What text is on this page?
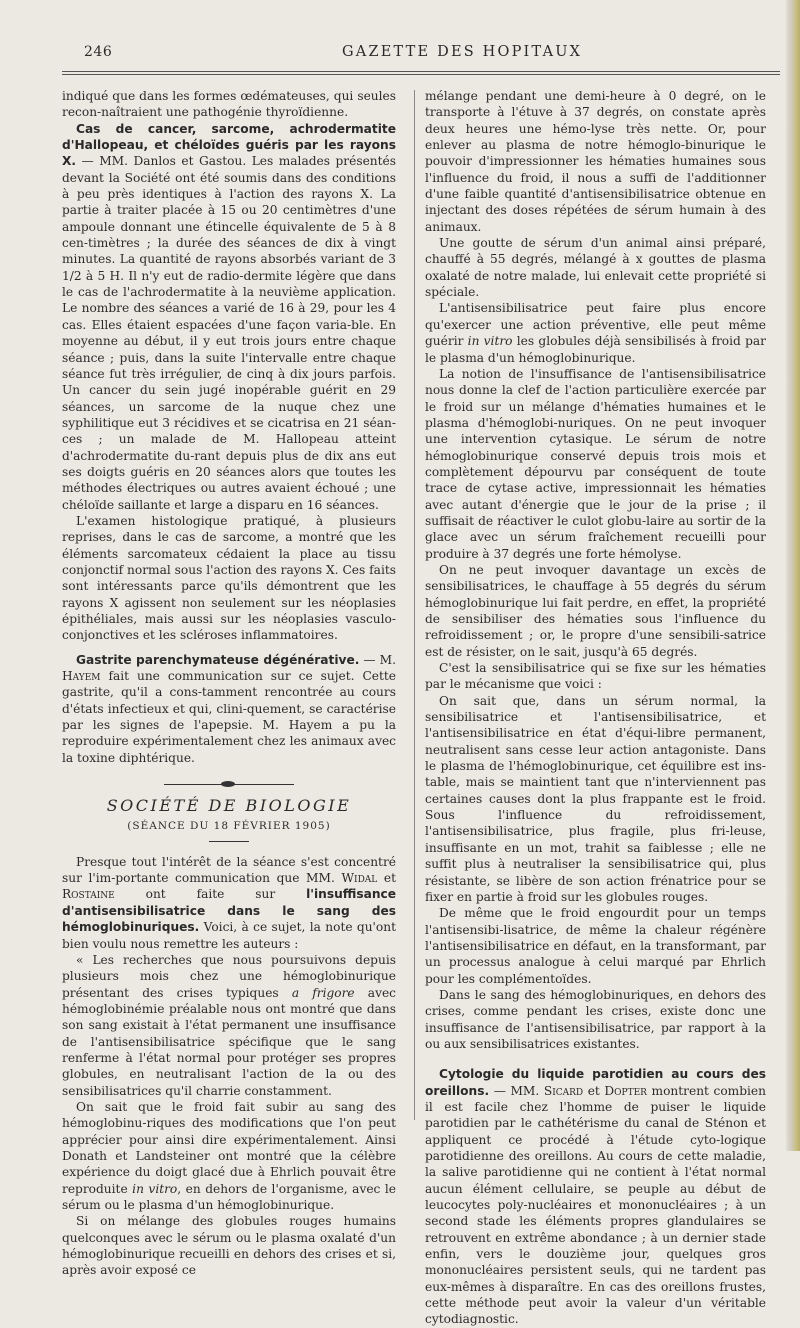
246	GAZETTE DES HOPITAUX

indiqué que dans les formes œdémateuses, qui seules recon-naîtraient une pathogénie thyroïdienne.

Cas de cancer, sarcome, achrodermatite d'Hallopeau, et chéloïdes guéris par les rayons X. — MM. Danlos et Gastou. Les malades présentés devant la Société ont été soumis dans des conditions à peu près identiques à l'action des rayons X. La partie à traiter placée à 15 ou 20 centimètres d'une ampoule donnant une étincelle équivalente de 5 à 8 cen-timètres ; la durée des séances de dix à vingt minutes. La quantité de rayons absorbés variant de 3 1/2 à 5 H. Il n'y eut de radio-dermite légère que dans le cas de l'achrodermatite à la neuvième application. Le nombre des séances a varié de 16 à 29, pour les 4 cas. Elles étaient espacées d'une façon varia-ble. En moyenne au début, il y eut trois jours entre chaque séance ; puis, dans la suite l'intervalle entre chaque séance fut très irrégulier, de cinq à dix jours parfois. Un cancer du sein jugé inopérable guérit en 29 séances, un sarcome de la nuque chez une syphilitique eut 3 récidives et se cicatrisa en 21 séan-ces ; un malade de M. Hallopeau atteint d'achrodermatite du-rant depuis plus de dix ans eut ses doigts guéris en 20 séances alors que toutes les méthodes électriques ou autres avaient échoué ; une chéloïde saillante et large a disparu en 16 séances.

L'examen histologique pratiqué, à plusieurs reprises, dans le cas de sarcome, a montré que les éléments sarcomateux cédaient la place au tissu conjonctif normal sous l'action des rayons X. Ces faits sont intéressants parce qu'ils démontrent que les rayons X agissent non seulement sur les néoplasies épithéliales, mais aussi sur les néoplasies vasculo-conjonctives et les scléroses inflammatoires.

Gastrite parenchymateuse dégénérative. — M. Hayem fait une communication sur ce sujet. Cette gastrite, qu'il a cons-tamment rencontrée au cours d'états infectieux et qui, clini-quement, se caractérise par les signes de l'apepsie. M. Hayem a pu la reproduire expérimentalement chez les animaux avec la toxine diphtérique.

SOCIÉTÉ DE BIOLOGIE
(SÉANCE DU 18 FÉVRIER 1905)

Presque tout l'intérêt de la séance s'est concentré sur l'im-portante communication que MM. Widal et Rostaine ont faite sur l'insuffisance d'antisensibilisatrice dans le sang des hémoglobinuriques. Voici, à ce sujet, la note qu'ont bien voulu nous remettre les auteurs :

« Les recherches que nous poursuivons depuis plusieurs mois chez une hémoglobinurique présentant des crises typiques a frigore avec hémoglobinémie préalable nous ont montré que dans son sang existait à l'état permanent une insuffisance de l'antisensibilisatrice spécifique que le sang renferme à l'état normal pour protéger ses propres globules, en neutralisant l'action de la ou des sensibilisatrices qu'il charrie constamment.

On sait que le froid fait subir au sang des hémoglobinu-riques des modifications que l'on peut apprécier pour ainsi dire expérimentalement. Ainsi Donath et Landsteiner ont montré que la célèbre expérience du doigt glacé due à Ehrlich pouvait être reproduite in vitro, en dehors de l'organisme, avec le sérum ou le plasma d'un hémoglobinurique.

Si on mélange des globules rouges humains quelconques avec le sérum ou le plasma oxalaté d'un hémoglobinurique recueilli en dehors des crises et si, après avoir exposé ce

mélange pendant une demi-heure à 0 degré, on le transporte à l'étuve à 37 degrés, on constate après deux heures une hémo-lyse très nette. Or, pour enlever au plasma de notre hémoglo-binurique le pouvoir d'impressionner les hématies humaines sous l'influence du froid, il nous a suffi de l'additionner d'une faible quantité d'antisensibilisatrice obtenue en injectant des doses répétées de sérum humain à des animaux.

Une goutte de sérum d'un animal ainsi préparé, chauffé à 55 degrés, mélangé à x gouttes de plasma oxalaté de notre malade, lui enlevait cette propriété si spéciale.

L'antisensibilisatrice peut faire plus encore qu'exercer une action préventive, elle peut même guérir in vitro les globules déjà sensibilisés à froid par le plasma d'un hémoglobinurique.

La notion de l'insuffisance de l'antisensibilisatrice nous donne la clef de l'action particulière exercée par le froid sur un mélange d'hématies humaines et le plasma d'hémoglobi-nuriques. On ne peut invoquer une intervention cytasique. Le sérum de notre hémoglobinurique conservé depuis trois mois et complètement dépourvu par conséquent de toute trace de cytase active, impressionnait les hématies avec autant d'énergie que le jour de la prise ; il suffisait de réactiver le culot globu-laire au sortir de la glace avec un sérum fraîchement recueilli pour produire à 37 degrés une forte hémolyse.

On ne peut invoquer davantage un excès de sensibilisatrices, le chauffage à 55 degrés du sérum hémoglobinurique lui fait perdre, en effet, la propriété de sensibiliser des hématies sous l'influence du refroidissement ; or, le propre d'une sensibili-satrice est de résister, on le sait, jusqu'à 65 degrés.

C'est la sensibilisatrice qui se fixe sur les hématies par le mécanisme que voici :

On sait que, dans un sérum normal, la sensibilisatrice et l'antisensibilisatrice, et l'antisensibilisatrice en état d'équi-libre permanent, neutralisent sans cesse leur action antagoniste. Dans le plasma de l'hémoglobinurique, cet équilibre est ins-table, mais se maintient tant que n'interviennent pas certaines causes dont la plus frappante est le froid. Sous l'influence du refroidissement, l'antisensibilisatrice, plus fragile, plus fri-leuse, insuffisante en un mot, trahit sa faiblesse ; elle ne suffit plus à neutraliser la sensibilisatrice qui, plus résistante, se libère de son action frénatrice pour se fixer en partie à froid sur les globules rouges.

De même que le froid engourdit pour un temps l'antisensibi-lisatrice, de même la chaleur régénère l'antisensibilisatrice en défaut, en la transformant, par un processus analogue à celui marqué par Ehrlich pour les complémentoïdes.

Dans le sang des hémoglobinuriques, en dehors des crises, comme pendant les crises, existe donc une insuffisance de l'antisensibilisatrice, par rapport à la ou aux sensibilisatrices existantes.

Cytologie du liquide parotidien au cours des oreillons. — MM. Sicard et Dopter montrent combien il est facile chez l'homme de puiser le liquide parotidien par le cathétérisme du canal de Sténon et appliquent ce procédé à l'étude cyto-logique parotidienne des oreillons. Au cours de cette maladie, la salive parotidienne qui ne contient à l'état normal aucun élément cellulaire, se peuple au début de leucocytes poly-nucléaires et mononucléaires ; à un second stade les éléments propres glandulaires se retrouvent en extrême abondance ; à un dernier stade enfin, vers le douzième jour, quelques gros mononucléaires persistent seuls, qui ne tardent pas eux-mêmes à disparaître. En cas des oreillons frustes, cette méthode peut avoir la valeur d'un véritable cytodiagnostic.
